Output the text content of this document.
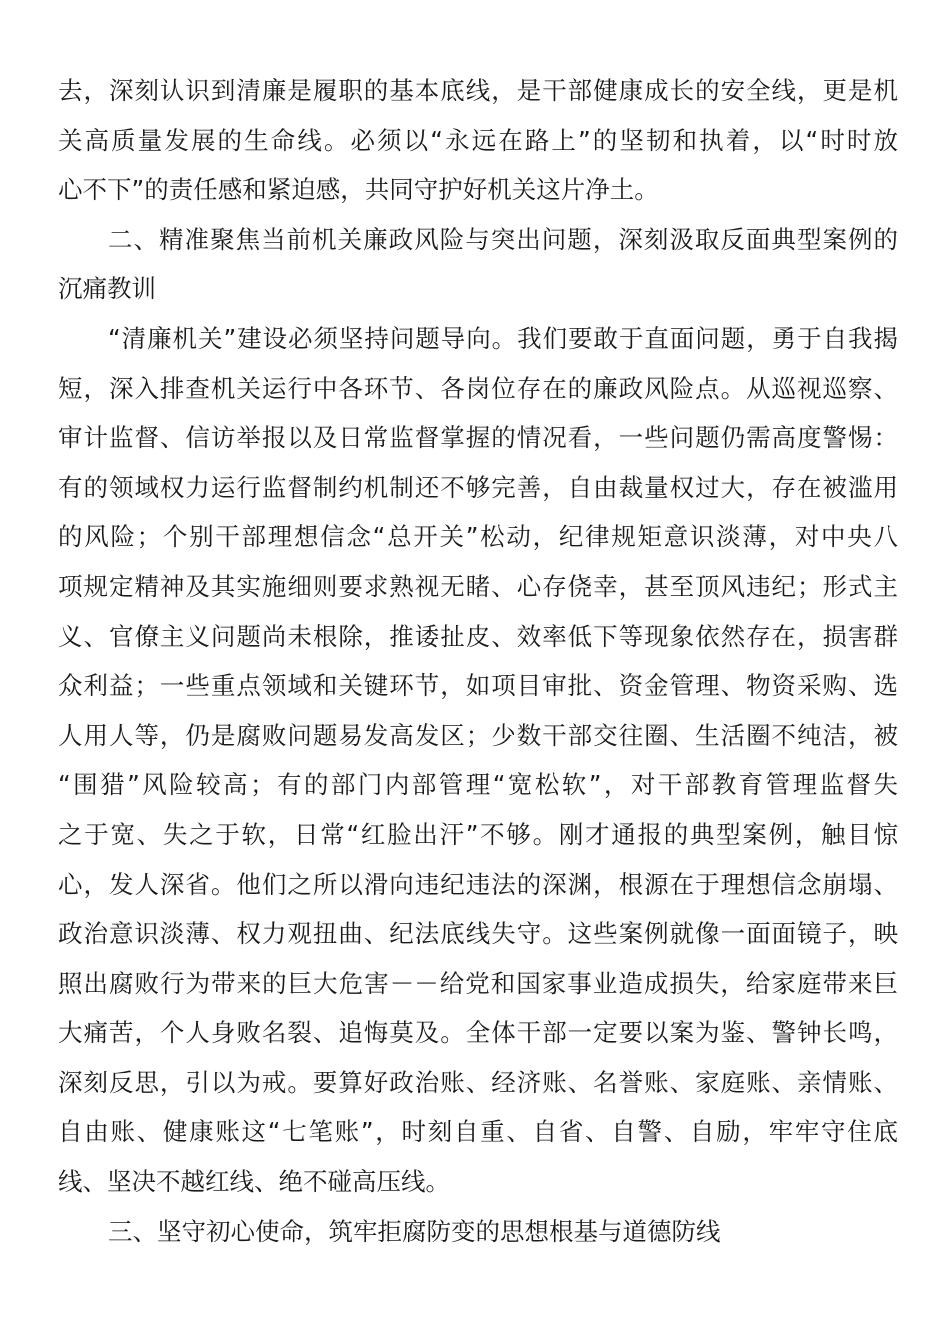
去，深刻认识到清廉是履职的基本底线，是干部健康成长的安全线，更是机
关高质量发展的生命线。必须以“永远在路上”的坚韧和执着，以“时时放
心不下”的责任感和紧迫感，共同守护好机关这片净土。
二、精准聚焦当前机关廉政风险与突出问题，深刻汲取反面典型案例的
沉痛教训
“清廉机关”建设必须坚持问题导向。我们要敢于直面问题，勇于自我揭
短，深入排查机关运行中各环节、各岗位存在的廉政风险点。从巡视巡察、
审计监督、信访举报以及日常监督掌握的情况看，一些问题仍需高度警惕：
有的领域权力运行监督制约机制还不够完善，自由裁量权过大，存在被滥用
的风险；个别干部理想信念“总开关”松动，纪律规矩意识淡薄，对中央八
项规定精神及其实施细则要求熟视无睹、心存侥幸，甚至顶风违纪；形式主
义、官僚主义问题尚未根除，推诿扯皮、效率低下等现象依然存在，损害群
众利益；一些重点领域和关键环节，如项目审批、资金管理、物资采购、选
人用人等，仍是腐败问题易发高发区；少数干部交往圈、生活圈不纯洁，被
“围猎”风险较高；有的部门内部管理“宽松软”，对干部教育管理监督失
之于宽、失之于软，日常“红脸出汗”不够。刚才通报的典型案例，触目惊
心，发人深省。他们之所以滑向违纪违法的深渊，根源在于理想信念崩塌、
政治意识淡薄、权力观扭曲、纪法底线失守。这些案例就像一面面镜子，映
照出腐败行为带来的巨大危害－－给党和国家事业造成损失，给家庭带来巨
大痛苦，个人身败名裂、追悔莫及。全体干部一定要以案为鉴、警钟长鸣，
深刻反思，引以为戒。要算好政治账、经济账、名誉账、家庭账、亲情账、
自由账、健康账这“七笔账”，时刻自重、自省、自警、自励，牢牢守住底
线、坚决不越红线、绝不碰高压线。
三、坚守初心使命，筑牢拒腐防变的思想根基与道德防线
